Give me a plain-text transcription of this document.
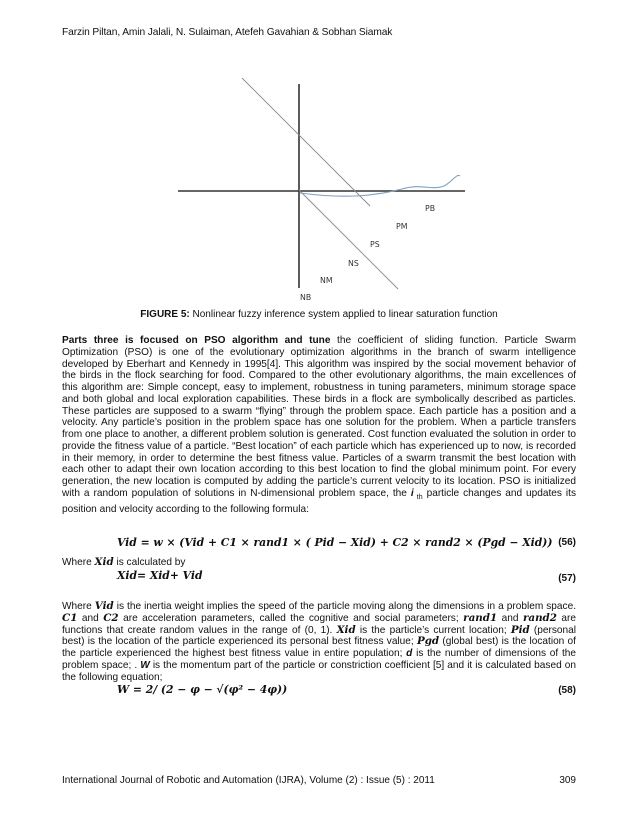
Farzin Piltan, Amin Jalali, N. Sulaiman, Atefeh Gavahian & Sobhan Siamak
PB
PM
PS
NS
NM
NB
FIGURE 5: Nonlinear fuzzy inference system applied to linear saturation function

Parts three is focused on PSO algorithm and tune the coefficient of sliding function. Particle Swarm Optimization (PSO) is one of the evolutionary optimization algorithms in the branch of swarm intelligence developed by Eberhart and Kennedy in 1995[4]. This algorithm was inspired by the social movement behavior of the birds in the flock searching for food. Compared to the other evolutionary algorithms, the main excellences of this algorithm are: Simple concept, easy to implement, robustness in tuning parameters, minimum storage space and both global and local exploration capabilities. These birds in a flock are symbolically described as particles. These particles are supposed to a swarm “flying” through the problem space. Each particle has a position and a velocity. Any particle’s position in the problem space has one solution for the problem. When a particle transfers from one place to another, a different problem solution is generated. Cost function evaluated the solution in order to provide the fitness value of a particle. “Best location” of each particle which has experienced up to now, is recorded in their memory, in order to determine the best fitness value. Particles of a swarm transmit the best location with each other to adapt their own location according to this best location to find the global minimum point. For every generation, the new location is computed by adding the particle’s current velocity to its location. PSO is initialized with a random population of solutions in N-dimensional problem space, the i $_{th}$ particle changes and updates its position and velocity according to the following formula:

Vid = w × (Vid + C1 × rand1 × ( Pid − Xid) + C2 × rand2 × (Pgd − Xid)) (56)
Where Xid is calculated by
Xid= Xid+ Vid	(57)

Where Vid is the inertia weight implies the speed of the particle moving along the dimensions in a problem space. C1 and C2 are acceleration parameters, called the cognitive and social parameters; rand1 and rand2 are functions that create random values in the range of (0, 1). Xid is the particle’s current location; Pid (personal best) is the location of the particle experienced its personal best fitness value; Pgd (global best) is the location of the particle experienced the highest best fitness value in entire population; d is the number of dimensions of the problem space; . W is the momentum part of the particle or constriction coefficient [5] and it is calculated based on the following equation;

W = 2/ (2 − φ − √(φ² − 4φ))	(58)
International Journal of Robotic and Automation (IJRA), Volume (2) : Issue (5) : 2011	309
